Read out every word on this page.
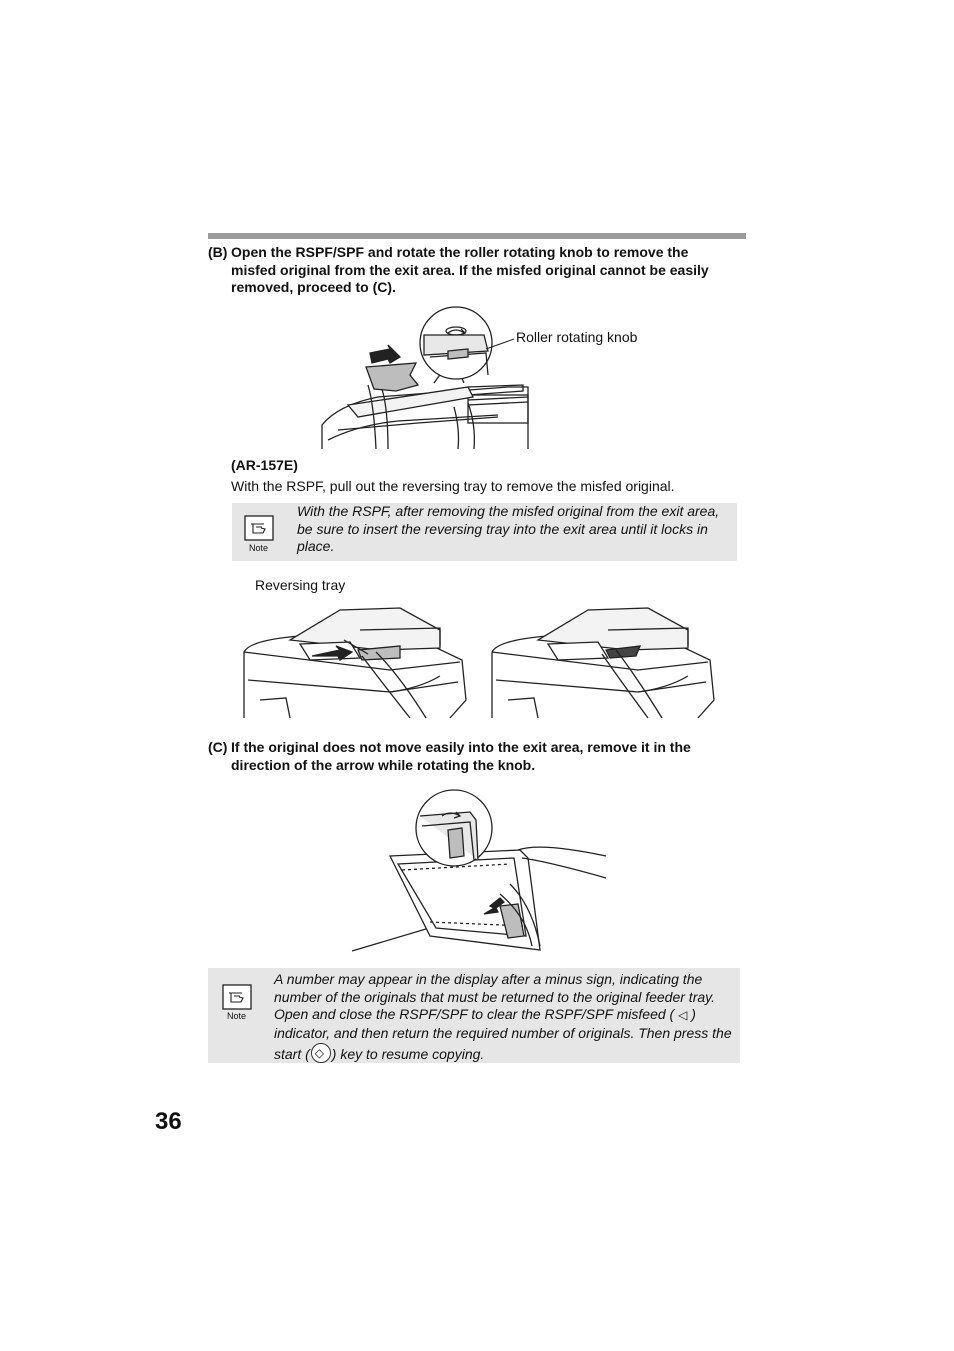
(B) Open the RSPF/SPF and rotate the roller rotating knob to remove the misfed original from the exit area. If the misfed original cannot be easily removed, proceed to (C).
Roller rotating knob
(AR-157E)
With the RSPF, pull out the reversing tray to remove the misfed original.
Note
With the RSPF, after removing the misfed original from the exit area, be sure to insert the reversing tray into the exit area until it locks in place.
Reversing tray
(C) If the original does not move easily into the exit area, remove it in the direction of the arrow while rotating the knob.
Note
A number may appear in the display after a minus sign, indicating the number of the originals that must be returned to the original feeder tray. Open and close the RSPF/SPF to clear the RSPF/SPF misfeed ( ◁ ) indicator, and then return the required number of originals. Then press the start (◇ ) key to resume copying.
36
